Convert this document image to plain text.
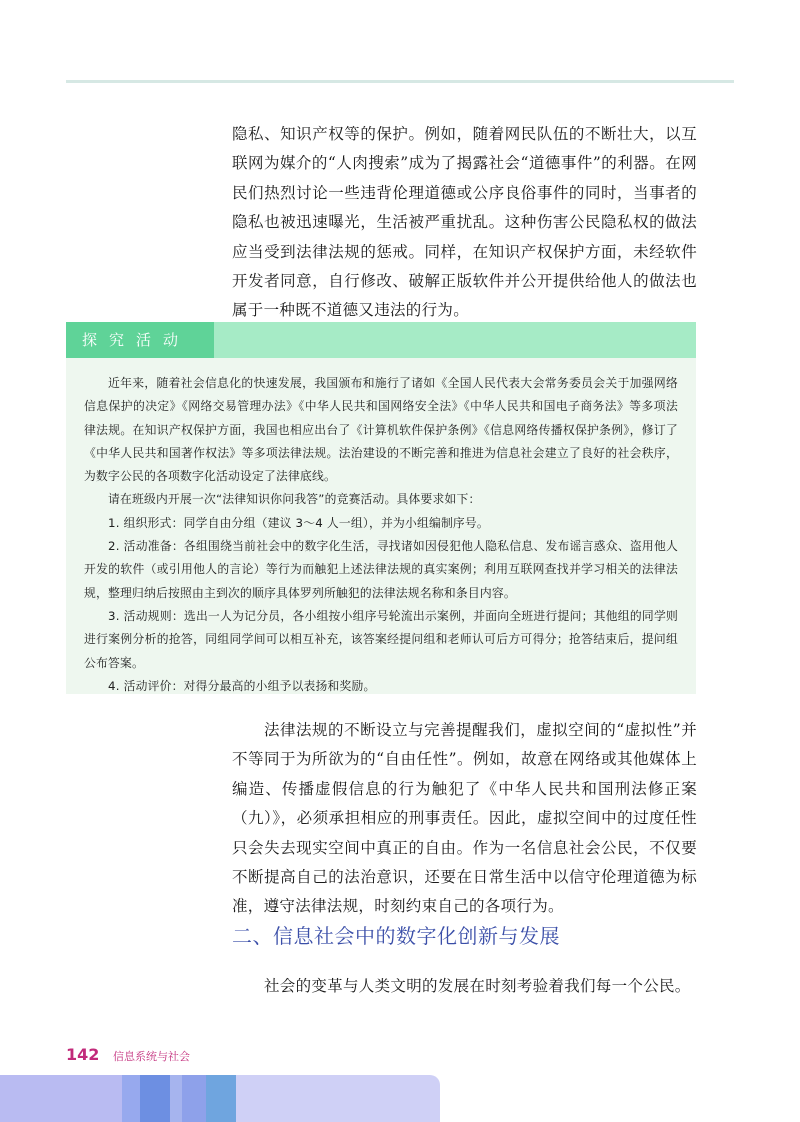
隐私、知识产权等的保护。例如，随着网民队伍的不断壮大，以互联网为媒介的“人肉搜索”成为了揭露社会“道德事件”的利器。在网民们热烈讨论一些违背伦理道德或公序良俗事件的同时，当事者的隐私也被迅速曝光，生活被严重扰乱。这种伤害公民隐私权的做法应当受到法律法规的惩戒。同样，在知识产权保护方面，未经软件开发者同意，自行修改、破解正版软件并公开提供给他人的做法也属于一种既不道德又违法的行为。

探究活动

近年来，随着社会信息化的快速发展，我国颁布和施行了诸如《全国人民代表大会常务委员会关于加强网络信息保护的决定》《网络交易管理办法》《中华人民共和国网络安全法》《中华人民共和国电子商务法》等多项法律法规。在知识产权保护方面，我国也相应出台了《计算机软件保护条例》《信息网络传播权保护条例》，修订了《中华人民共和国著作权法》等多项法律法规。法治建设的不断完善和推进为信息社会建立了良好的社会秩序，为数字公民的各项数字化活动设定了法律底线。

请在班级内开展一次“法律知识你问我答”的竞赛活动。具体要求如下：

1. 组织形式：同学自由分组（建议 3～4 人一组），并为小组编制序号。

2. 活动准备：各组围绕当前社会中的数字化生活，寻找诸如因侵犯他人隐私信息、发布谣言惑众、盗用他人开发的软件（或引用他人的言论）等行为而触犯上述法律法规的真实案例；利用互联网查找并学习相关的法律法规，整理归纳后按照由主到次的顺序具体罗列所触犯的法律法规名称和条目内容。

3. 活动规则：选出一人为记分员，各小组按小组序号轮流出示案例，并面向全班进行提问；其他组的同学则进行案例分析的抢答，同组同学间可以相互补充，该答案经提问组和老师认可后方可得分；抢答结束后，提问组公布答案。

4. 活动评价：对得分最高的小组予以表扬和奖励。

法律法规的不断设立与完善提醒我们，虚拟空间的“虚拟性”并不等同于为所欲为的“自由任性”。例如，故意在网络或其他媒体上编造、传播虚假信息的行为触犯了《中华人民共和国刑法修正案（九）》，必须承担相应的刑事责任。因此，虚拟空间中的过度任性只会失去现实空间中真正的自由。作为一名信息社会公民，不仅要不断提高自己的法治意识，还要在日常生活中以信守伦理道德为标准，遵守法律法规，时刻约束自己的各项行为。

二、信息社会中的数字化创新与发展

社会的变革与人类文明的发展在时刻考验着我们每一个公民。

142 信息系统与社会
